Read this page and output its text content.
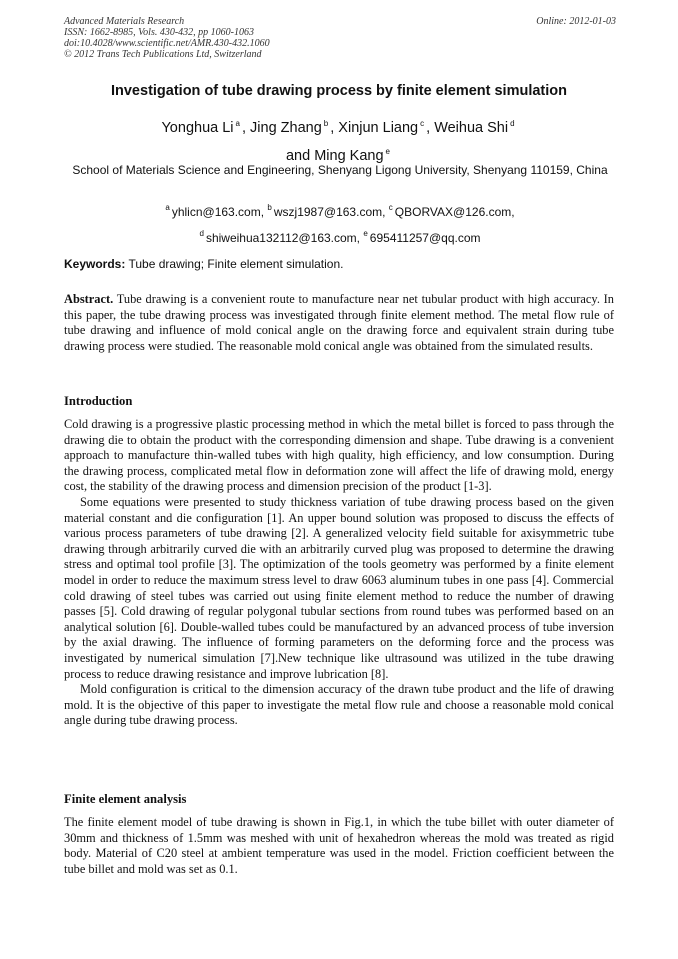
Advanced Materials Research
ISSN: 1662-8985, Vols. 430-432, pp 1060-1063
doi:10.4028/www.scientific.net/AMR.430-432.1060
© 2012 Trans Tech Publications Ltd, Switzerland
Online: 2012-01-03
Investigation of tube drawing process by finite element simulation
Yonghua Li $^a$ , Jing Zhang $^b$ , Xinjun Liang $^c$ , Weihua Shi $^d$
and Ming Kang $^e$
School of Materials Science and Engineering, Shenyang Ligong University, Shenyang 110159, China
$^a$ yhlicn@163.com, $^b$ wszj1987@163.com, $^c$ QBORVAX@126.com,
$^d$ shiweihua132112@163.com, $^e$ 695411257@qq.com
Keywords: Tube drawing; Finite element simulation.
Abstract. Tube drawing is a convenient route to manufacture near net tubular product with high accuracy. In this paper, the tube drawing process was investigated through finite element method. The metal flow rule of tube drawing and influence of mold conical angle on the drawing force and equivalent strain during tube drawing process were studied. The reasonable mold conical angle was obtained from the simulated results.
Introduction

Cold drawing is a progressive plastic processing method in which the metal billet is forced to pass through the drawing die to obtain the product with the corresponding dimension and shape. Tube drawing is a convenient approach to manufacture thin-walled tubes with high quality, high efficiency, and low consumption. During the drawing process, complicated metal flow in deformation zone will affect the life of drawing mold, energy cost, the stability of the drawing process and dimension precision of the product [1-3].

Some equations were presented to study thickness variation of tube drawing process based on the given material constant and die configuration [1]. An upper bound solution was proposed to discuss the effects of various process parameters of tube drawing [2]. A generalized velocity field suitable for axisymmetric tube drawing through arbitrarily curved die with an arbitrarily curved plug was proposed to determine the drawing stress and optimal tool profile [3]. The optimization of the tools geometry was performed by a finite element model in order to reduce the maximum stress level to draw 6063 aluminum tubes in one pass [4]. Commercial cold drawing of steel tubes was carried out using finite element method to reduce the number of drawing passes [5]. Cold drawing of regular polygonal tubular sections from round tubes was performed based on an analytical solution [6]. Double-walled tubes could be manufactured by an advanced process of tube inversion by the axial drawing. The influence of forming parameters on the deforming force and the process was investigated by numerical simulation [7].New technique like ultrasound was utilized in the tube drawing process to reduce drawing resistance and improve lubrication [8].

Mold configuration is critical to the dimension accuracy of the drawn tube product and the life of drawing mold. It is the objective of this paper to investigate the metal flow rule and choose a reasonable mold conical angle during tube drawing process.

Finite element analysis

The finite element model of tube drawing is shown in Fig.1, in which the tube billet with outer diameter of 30mm and thickness of 1.5mm was meshed with unit of hexahedron whereas the mold was treated as rigid body. Material of C20 steel at ambient temperature was used in the model. Friction coefficient between the tube billet and mold was set as 0.1.
